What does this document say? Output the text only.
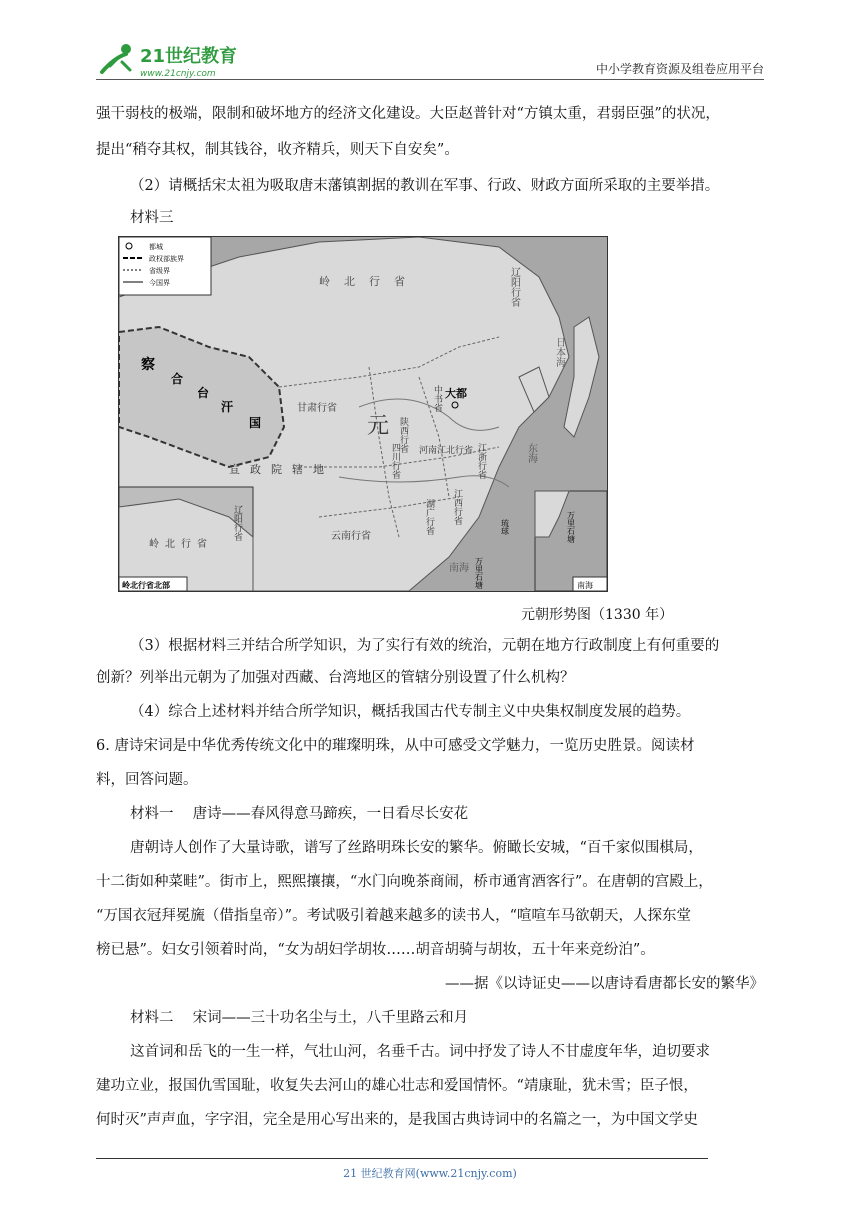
21世纪教育
www.21cnjy.com	中小学教育资源及组卷应用平台
强干弱枝的极端，限制和破坏地方的经济文化建设。大臣赵普针对“方镇太重，君弱臣强”的状况，
提出“稍夺其权，制其钱谷，收齐精兵，则天下自安矣”。
（2）请概括宋太祖为吸取唐末藩镇割据的教训在军事、行政、财政方面所采取的主要举措。
材料三
都城
政权部族界
省级界
今国界	岭北行省	辽阳行省
察
合
台
汗
国
大都
甘肃行省
元 陕西行省
中书省
河南江北行省
宣政院辖地	四川行省	江浙行省
江西行省
湖广行省
云南行省
琉球
东海
南海
日本海
万里石塘
岭北行省
辽阳行省
岭北行省北部
万里石塘
南海
元朝形势图（1330 年）
（3）根据材料三并结合所学知识，为了实行有效的统治，元朝在地方行政制度上有何重要的
创新？列举出元朝为了加强对西藏、台湾地区的管辖分别设置了什么机构？
（4）综合上述材料并结合所学知识，概括我国古代专制主义中央集权制度发展的趋势。
6. 唐诗宋词是中华优秀传统文化中的璀璨明珠，从中可感受文学魅力，一览历史胜景。阅读材
料，回答问题。
材料一　 唐诗——春风得意马蹄疾，一日看尽长安花
唐朝诗人创作了大量诗歌，谱写了丝路明珠长安的繁华。俯瞰长安城，“百千家似围棋局，
十二街如种菜畦”。街市上，熙熙攘攘，“水门向晚茶商闹，桥市通宵酒客行”。在唐朝的宫殿上，
“万国衣冠拜冕旒（借指皇帝）”。考试吸引着越来越多的读书人，“喧喧车马欲朝天，人探东堂
榜已悬”。妇女引领着时尚，“女为胡妇学胡妆……胡音胡骑与胡妆，五十年来竞纷泊”。
——据《以诗证史——以唐诗看唐都长安的繁华》
材料二　 宋词——三十功名尘与土，八千里路云和月
这首词和岳飞的一生一样，气壮山河，名垂千古。词中抒发了诗人不甘虚度年华，迫切要求
建功立业，报国仇雪国耻，收复失去河山的雄心壮志和爱国情怀。“靖康耻，犹未雪；臣子恨，
何时灭”声声血，字字泪，完全是用心写出来的，是我国古典诗词中的名篇之一，为中国文学史
21 世纪教育网(www.21cnjy.com)
